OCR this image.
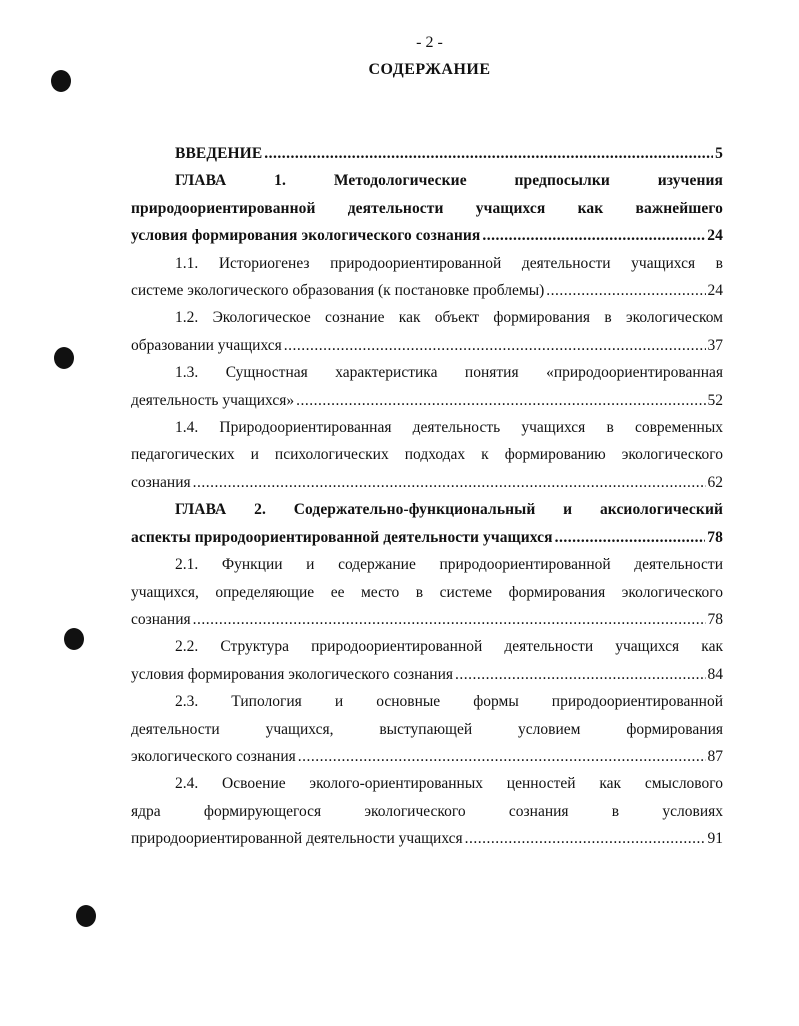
- 2 -
СОДЕРЖАНИЕ
ВВЕДЕНИЕ .....	5
ГЛАВА 1. Методологические предпосылки изучения
природоориентированной деятельности учащихся как важнейшего
условия формирования экологического сознания .....	24
1.1. Историогенез природоориентированной деятельности учащихся в
системе экологического образования (к постановке проблемы) .....	24
1.2. Экологическое сознание как объект формирования в экологическом
образовании учащихся .....	37
1.3. Сущностная характеристика понятия «природоориентированная
деятельность учащихся» .....	52
1.4. Природоориентированная деятельность учащихся в современных
педагогических и психологических подходах к формированию экологического
сознания .....	62
ГЛАВА 2. Содержательно-функциональный и аксиологический
аспекты природоориентированной деятельности учащихся .....	78
2.1. Функции и содержание природоориентированной деятельности
учащихся, определяющие ее место в системе формирования экологического
сознания .....	78
2.2. Структура природоориентированной деятельности учащихся как
условия формирования экологического сознания .....	84
2.3. Типология и основные формы природоориентированной
деятельности учащихся, выступающей условием формирования
экологического сознания .....	87
2.4. Освоение эколого-ориентированных ценностей как смыслового
ядра формирующегося экологического сознания в условиях
природоориентированной деятельности учащихся .....	91
